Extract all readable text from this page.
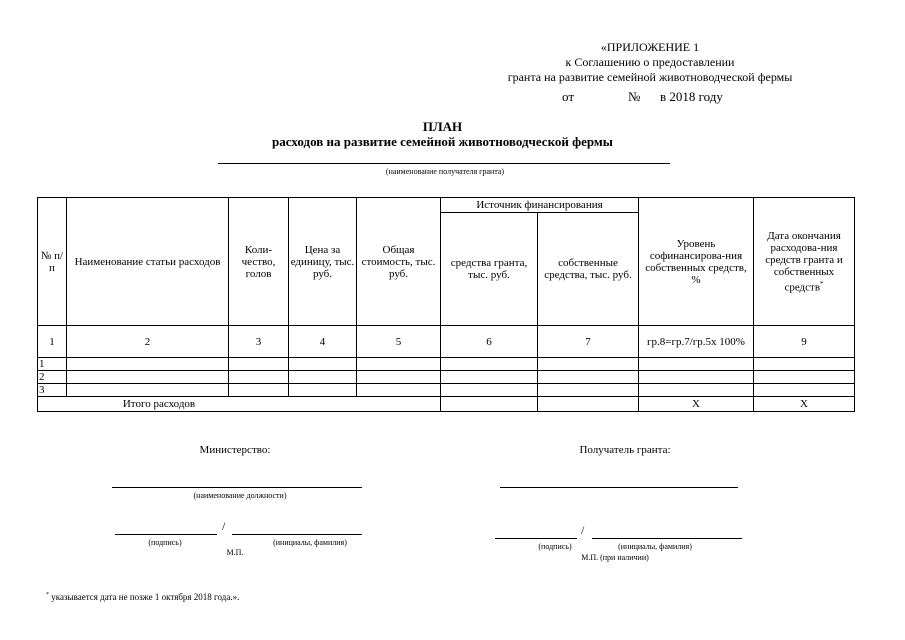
«ПРИЛОЖЕНИЕ 1
к Соглашению о предоставлении
гранта на развитие семейной животноводческой фермы
от	№ в 2018 году
ПЛАН
расходов на развитие семейной животноводческой фермы
(наименование получателя гранта)
№ п/п	Наименование статьи расходов	Коли-чество, голов	Цена за единицу, тыс. руб.	Общая стоимость, тыс. руб.	Источник финансирования		Уровень софинансирова-ния собственных средств, %	Дата окончания расходова-ния средств гранта и собственных средств*
					средства гранта, тыс. руб.	собственные средства, тыс. руб.		
1	2	3	4	5	6	7	гр.8=гр.7/гр.5х 100%	9
1								
2								
3								
Итого расходов							Х	Х
Министерство:
(наименование должности)
/
(подпись)	(инициалы, фамилия)
М.П.
Получатель гранта:
/
(подпись)	(инициалы, фамилия)
М.П. (при наличии)
* указывается дата не позже 1 октября 2018 года.».
